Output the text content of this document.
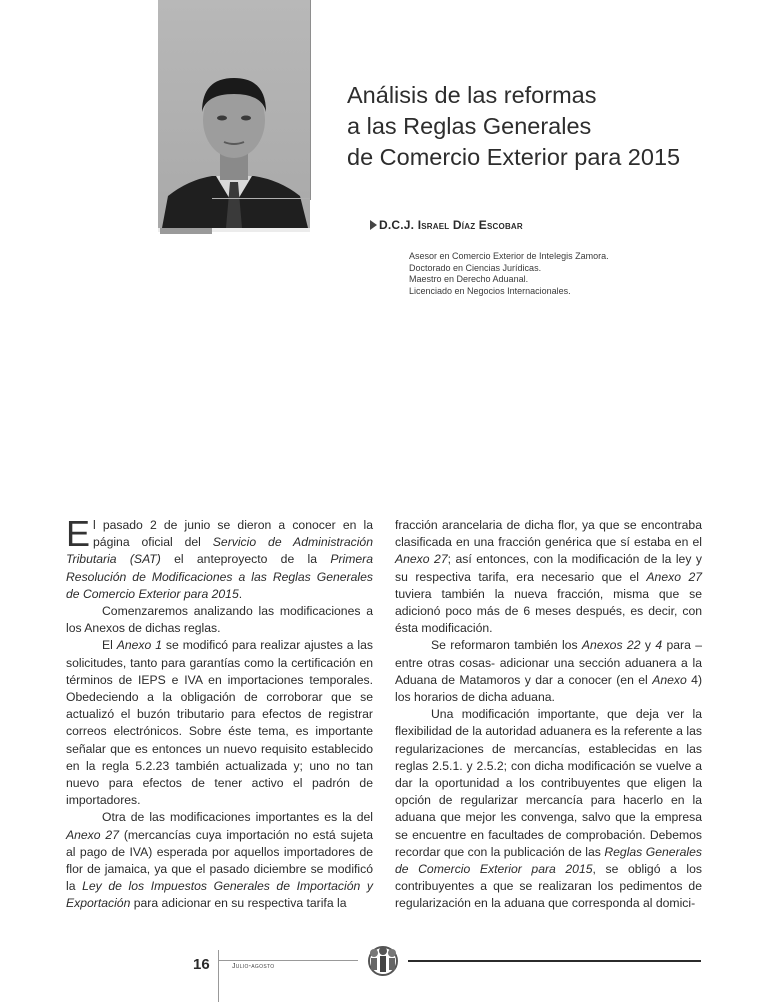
Análisis de las reformas
a las Reglas Generales
de Comercio Exterior para 2015
D.C.J. Israel Díaz Escobar
Asesor en Comercio Exterior de Intelegis Zamora.
Doctorado en Ciencias Jurídicas.
Maestro en Derecho Aduanal.
Licenciado en Negocios Internacionales.

El pasado 2 de junio se dieron a conocer en la página oficial del Servicio de Administración Tributaria (SAT) el anteproyecto de la Primera Resolución de Modificaciones a las Reglas Generales de Comercio Exterior para 2015.

Comenzaremos analizando las modificaciones a los Anexos de dichas reglas.

El Anexo 1 se modificó para realizar ajustes a las solicitudes, tanto para garantías como la certificación en términos de IEPS e IVA en importaciones temporales. Obedeciendo a la obligación de corroborar que se actualizó el buzón tributario para efectos de registrar correos electrónicos. Sobre éste tema, es importante señalar que es entonces un nuevo requisito establecido en la regla 5.2.23 también actualizada y; uno no tan nuevo para efectos de tener activo el padrón de importadores.

Otra de las modificaciones importantes es la del Anexo 27 (mercancías cuya importación no está sujeta al pago de IVA) esperada por aquellos importadores de flor de jamaica, ya que el pasado diciembre se modificó la Ley de los Impuestos Generales de Importación y Exportación para adicionar en su respectiva tarifa la

fracción arancelaria de dicha flor, ya que se encontraba clasificada en una fracción genérica que sí estaba en el Anexo 27; así entonces, con la modificación de la ley y su respectiva tarifa, era necesario que el Anexo 27 tuviera también la nueva fracción, misma que se adicionó poco más de 6 meses después, es decir, con ésta modificación.

Se reformaron también los Anexos 22 y 4 para –entre otras cosas- adicionar una sección aduanera a la Aduana de Matamoros y dar a conocer (en el Anexo 4) los horarios de dicha aduana.

Una modificación importante, que deja ver la flexibilidad de la autoridad aduanera es la referente a las regularizaciones de mercancías, establecidas en las reglas 2.5.1. y 2.5.2; con dicha modificación se vuelve a dar la oportunidad a los contribuyentes que eligen la opción de regularizar mercancía para hacerlo en la aduana que mejor les convenga, salvo que la empresa se encuentre en facultades de comprobación. Debemos recordar que con la publicación de las Reglas Generales de Comercio Exterior para 2015, se obligó a los contribuyentes a que se realizaran los pedimentos de regularización en la aduana que corresponda al domici-

16	Julio-agosto
